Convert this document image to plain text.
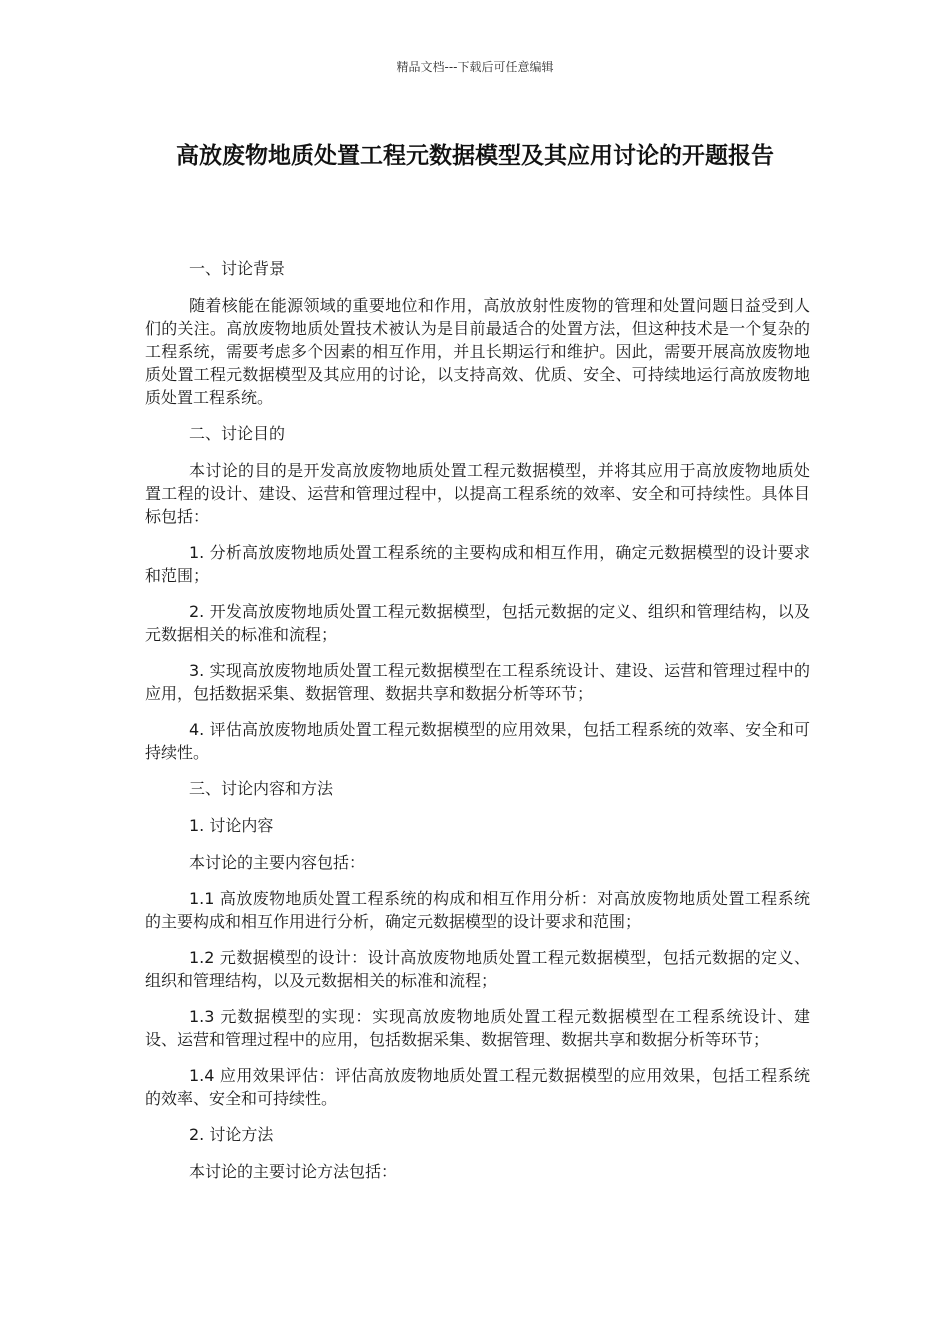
精品文档---下载后可任意编辑
高放废物地质处置工程元数据模型及其应用讨论的开题报告

一、讨论背景

随着核能在能源领域的重要地位和作用，高放放射性废物的管理和处置问题日益受到人们的关注。高放废物地质处置技术被认为是目前最适合的处置方法，但这种技术是一个复杂的工程系统，需要考虑多个因素的相互作用，并且长期运行和维护。因此，需要开展高放废物地质处置工程元数据模型及其应用的讨论，以支持高效、优质、安全、可持续地运行高放废物地质处置工程系统。

二、讨论目的

本讨论的目的是开发高放废物地质处置工程元数据模型，并将其应用于高放废物地质处置工程的设计、建设、运营和管理过程中，以提高工程系统的效率、安全和可持续性。具体目标包括：

1. 分析高放废物地质处置工程系统的主要构成和相互作用，确定元数据模型的设计要求和范围；

2. 开发高放废物地质处置工程元数据模型，包括元数据的定义、组织和管理结构，以及元数据相关的标准和流程；

3. 实现高放废物地质处置工程元数据模型在工程系统设计、建设、运营和管理过程中的应用，包括数据采集、数据管理、数据共享和数据分析等环节；

4. 评估高放废物地质处置工程元数据模型的应用效果，包括工程系统的效率、安全和可持续性。

三、讨论内容和方法

1. 讨论内容

本讨论的主要内容包括：

1.1 高放废物地质处置工程系统的构成和相互作用分析：对高放废物地质处置工程系统的主要构成和相互作用进行分析，确定元数据模型的设计要求和范围；

1.2 元数据模型的设计：设计高放废物地质处置工程元数据模型，包括元数据的定义、组织和管理结构，以及元数据相关的标准和流程；

1.3 元数据模型的实现：实现高放废物地质处置工程元数据模型在工程系统设计、建设、运营和管理过程中的应用，包括数据采集、数据管理、数据共享和数据分析等环节；

1.4 应用效果评估：评估高放废物地质处置工程元数据模型的应用效果，包括工程系统的效率、安全和可持续性。

2. 讨论方法

本讨论的主要讨论方法包括：
